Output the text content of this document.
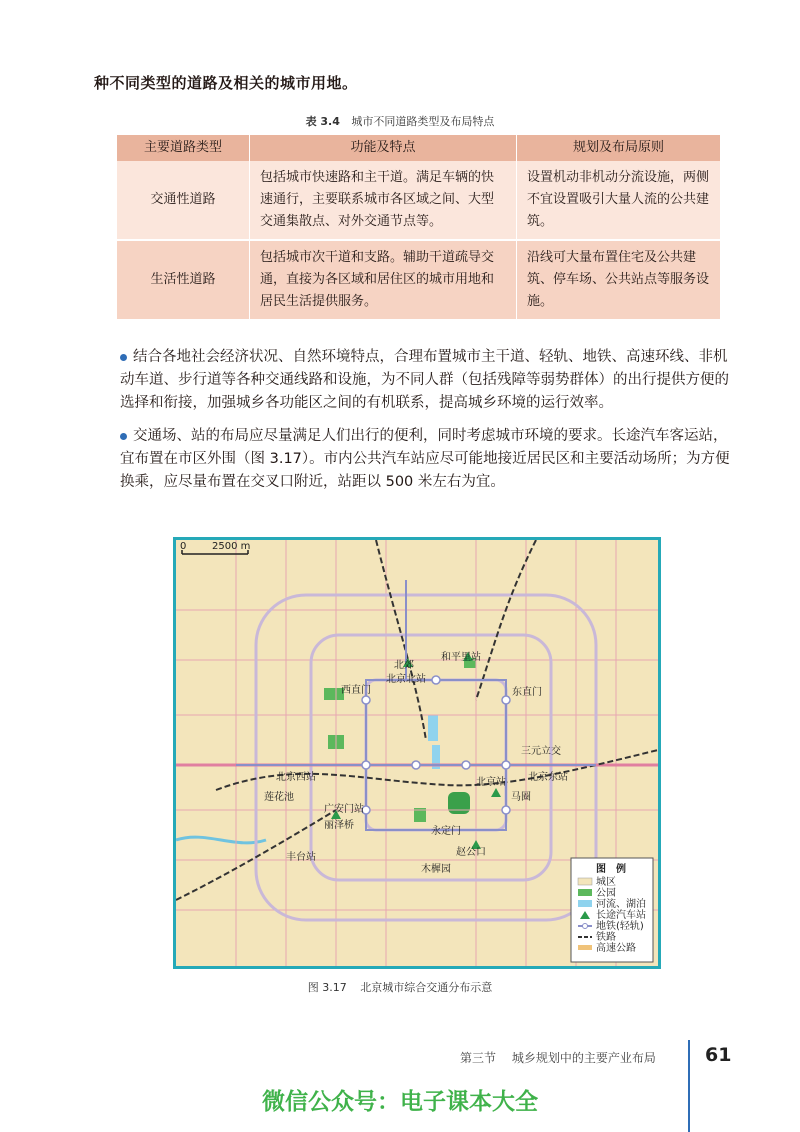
种不同类型的道路及相关的城市用地。
表 3.4 城市不同道路类型及布局特点
主要道路类型	功能及特点	规划及布局原则
交通性道路	包括城市快速路和主干道。满足车辆的快速通行，主要联系城市各区域之间、大型交通集散点、对外交通节点等。	设置机动非机动分流设施，两侧不宜设置吸引大量人流的公共建筑。
生活性道路	包括城市次干道和支路。辅助干道疏导交通，直接为各区域和居住区的城市用地和居民生活提供服务。	沿线可大量布置住宅及公共建筑、停车场、公共站点等服务设施。
结合各地社会经济状况、自然环境特点，合理布置城市主干道、轻轨、地铁、高速环线、非机动车道、步行道等各种交通线路和设施，为不同人群（包括残障等弱势群体）的出行提供方便的选择和衔接，加强城乡各功能区之间的有机联系，提高城乡环境的运行效率。
交通场、站的布局应尽量满足人们出行的便利，同时考虑城市环境的要求。长途汽车客运站，宜布置在市区外围（图 3.17）。市内公共汽车站应尽可能地接近居民区和主要活动场所；为方便换乘，应尽量布置在交叉口附近，站距以 500 米左右为宜。
0	2500 m
北郊
和平里站
北京北站
西直门	东直门
三元立交
北京西站	北京东站
北京站
广安门站
莲花池
丽泽桥
丰台站
永定门
赵公口
木樨园
马圈
图　例
城区
公园
河流、湖泊
长途汽车站
地铁(轻轨)
铁路
高速公路
图 3.17 北京城市综合交通分布示意
第三节 城乡规划中的主要产业布局	61
微信公众号：电子课本大全
